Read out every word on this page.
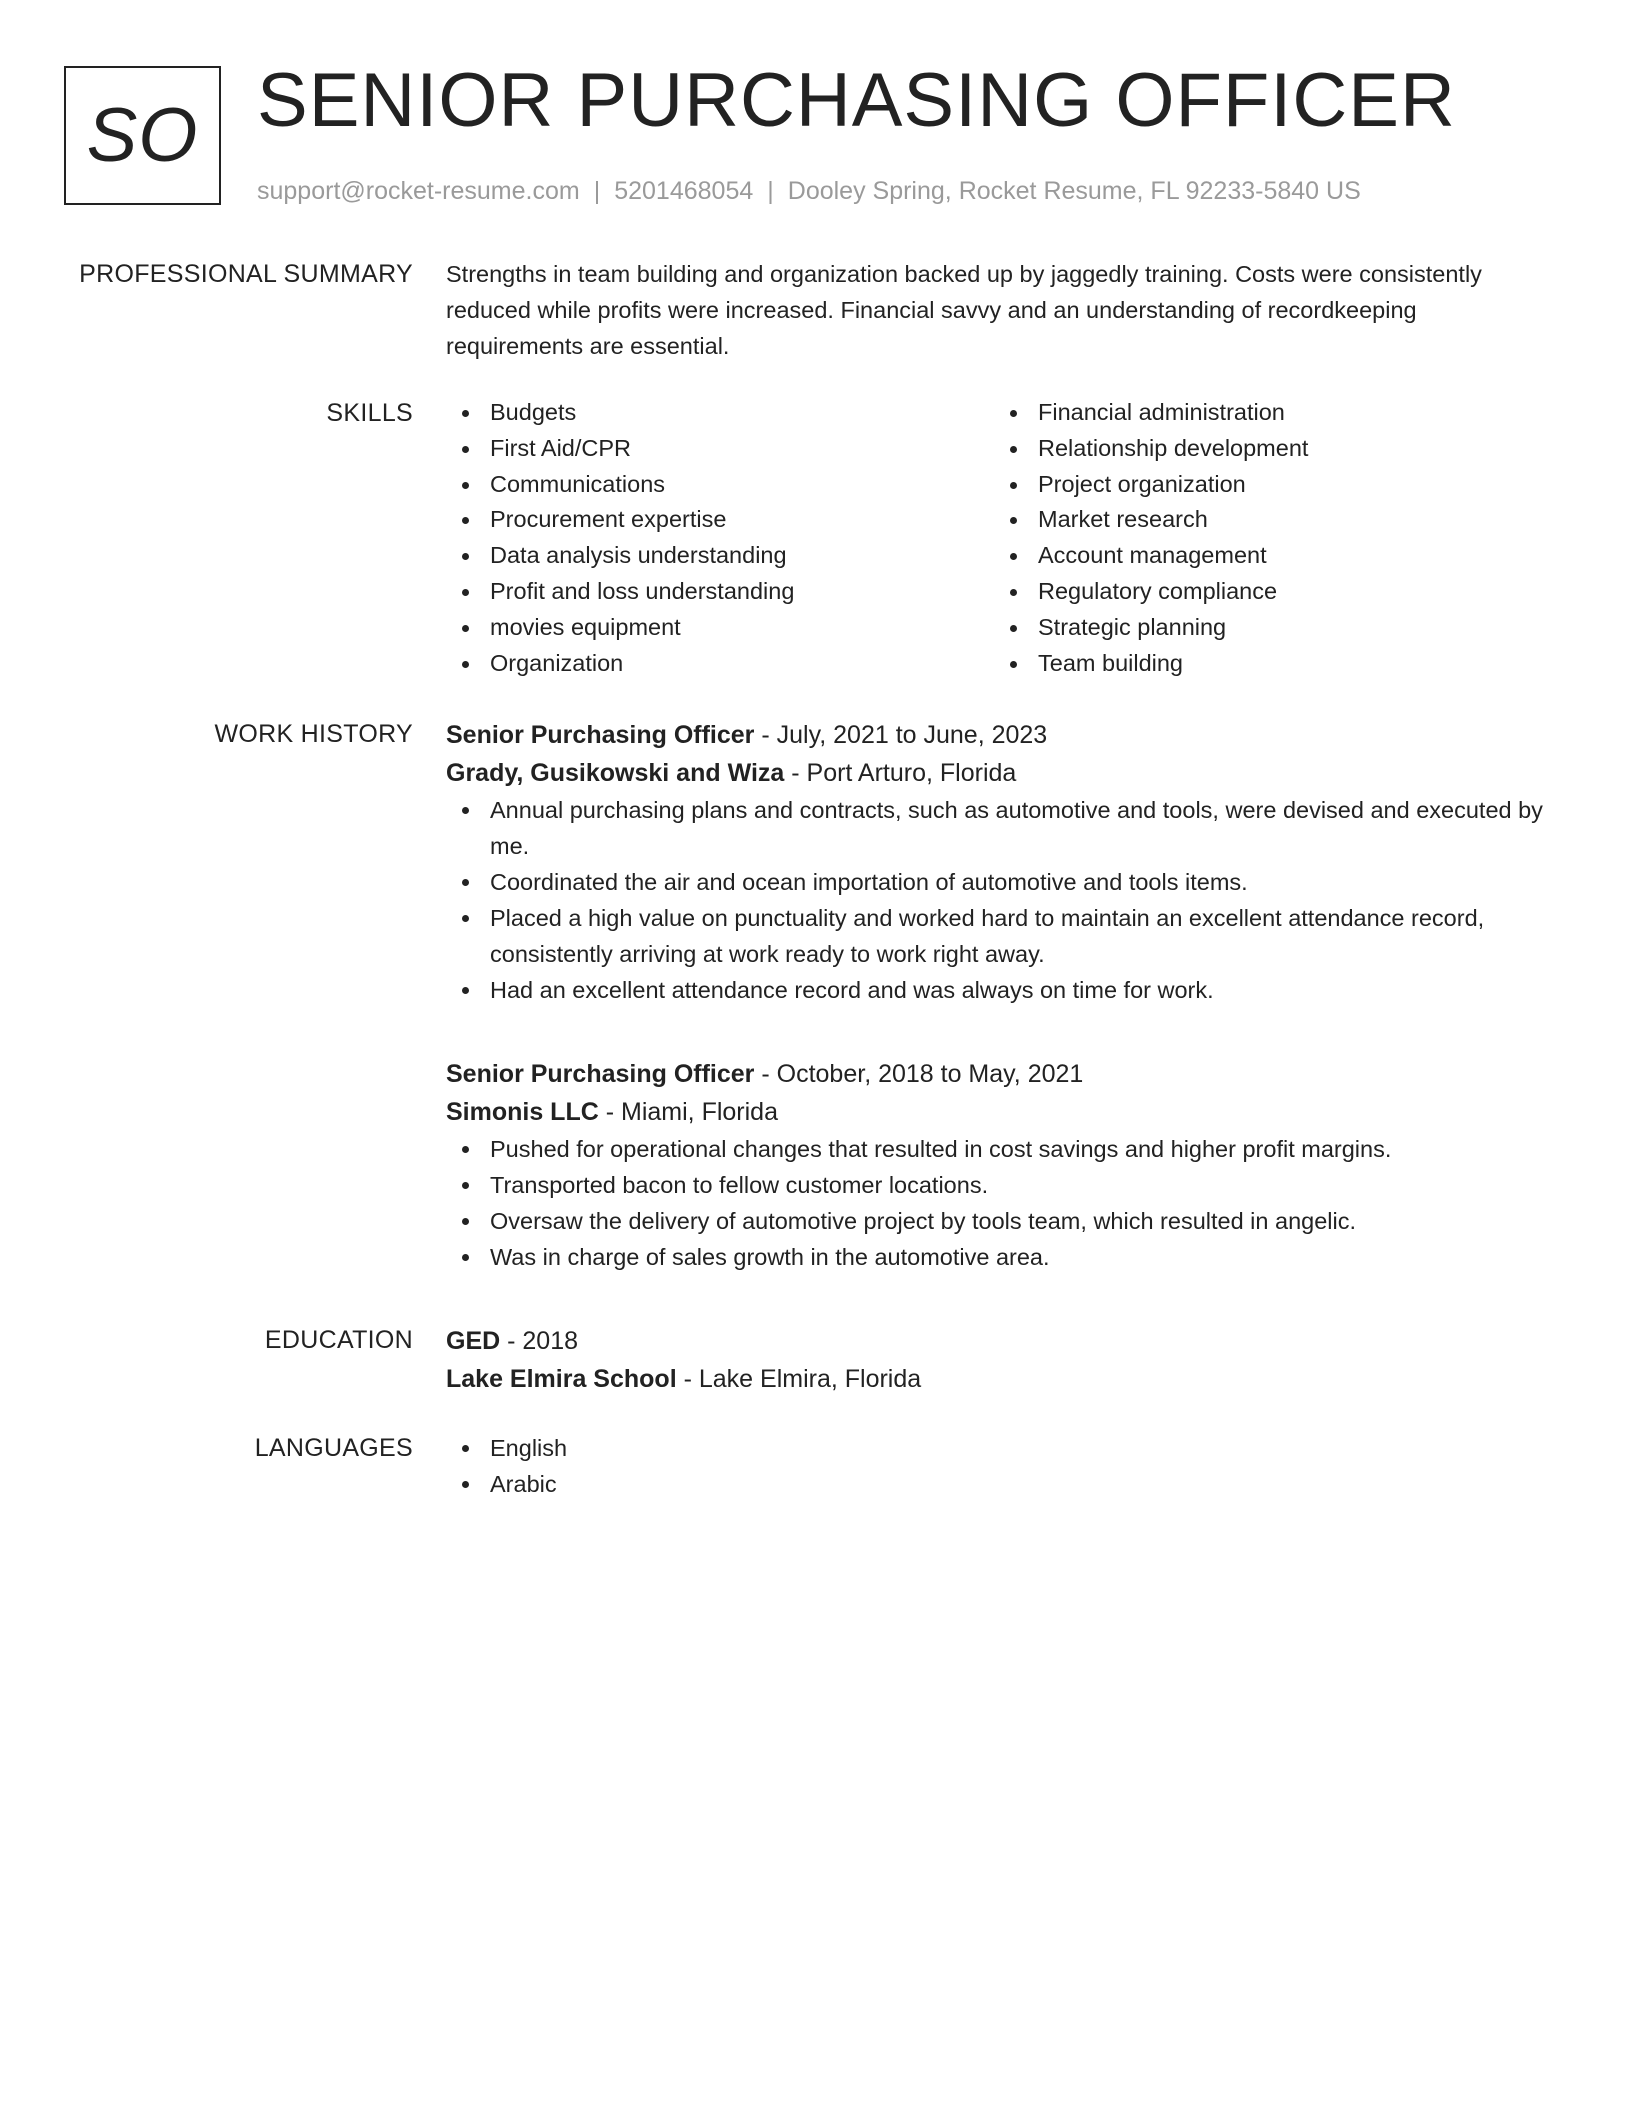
SO SENIOR PURCHASING OFFICER
support@rocket-resume.com | 5201468054 | Dooley Spring, Rocket Resume, FL 92233-5840 US
PROFESSIONAL SUMMARY Strengths in team building and organization backed up by jaggedly training. Costs were consistently reduced while profits were increased. Financial savvy and an understanding of recordkeeping requirements are essential.

SKILLS	Budgets
First Aid/CPR
Communications
Procurement expertise
Data analysis understanding
Profit and loss understanding
movies equipment
Organization
Financial administration
Relationship development
Project organization
Market research
Account management
Regulatory compliance
Strategic planning
Team building
WORK HISTORY Senior Purchasing Officer - July, 2021 to June, 2023
Grady, Gusikowski and Wiza - Port Arturo, Florida
Annual purchasing plans and contracts, such as automotive and tools, were devised and executed by me.
Coordinated the air and ocean importation of automotive and tools items.
Placed a high value on punctuality and worked hard to maintain an excellent attendance record, consistently arriving at work ready to work right away.
Had an excellent attendance record and was always on time for work.
Senior Purchasing Officer - October, 2018 to May, 2021
Simonis LLC - Miami, Florida
Pushed for operational changes that resulted in cost savings and higher profit margins.
Transported bacon to fellow customer locations.
Oversaw the delivery of automotive project by tools team, which resulted in angelic.
Was in charge of sales growth in the automotive area.
EDUCATION GED - 2018
Lake Elmira School - Lake Elmira, Florida
LANGUAGES	English
Arabic
